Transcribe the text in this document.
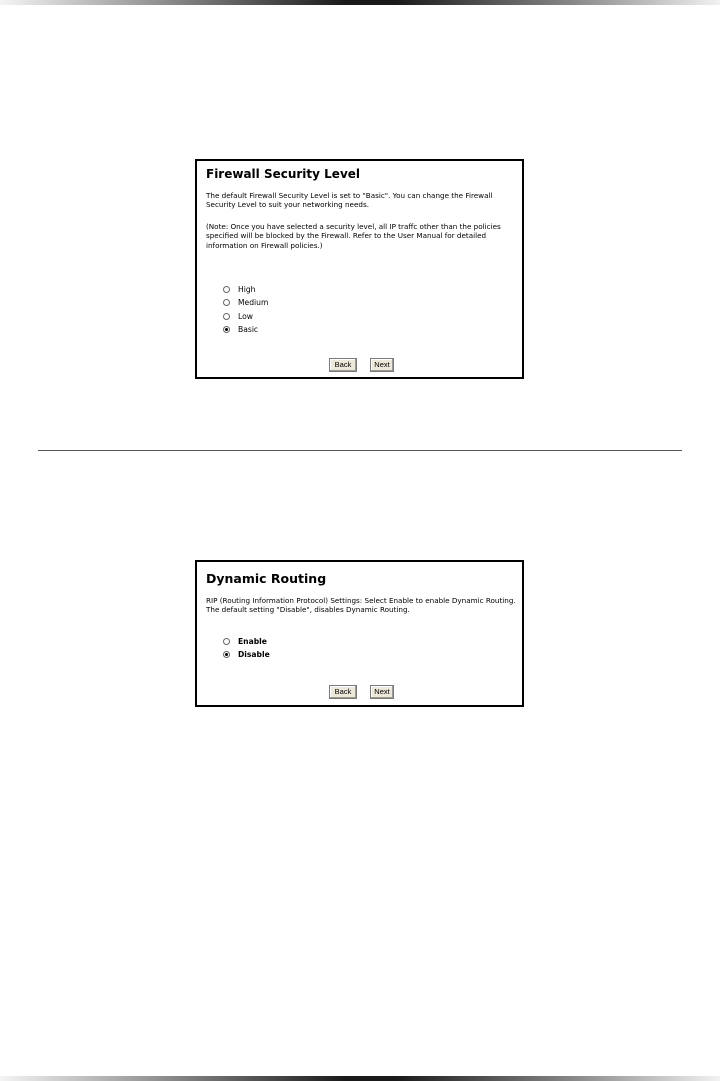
Firewall Security Level

The default Firewall Security Level is set to "Basic". You can change the Firewall Security Level to suit your networking needs.

(Note: Once you have selected a security level, all IP traffc other than the policies specified will be blocked by the Firewall. Refer to the User Manual for detailed information on Firewall policies.)

High
Medium
Low
Basic
Back	Next
Dynamic Routing

RIP (Routing Information Protocol) Settings: Select Enable to enable Dynamic Routing. The default setting "Disable", disables Dynamic Routing.

Enable
Disable
Back	Next
